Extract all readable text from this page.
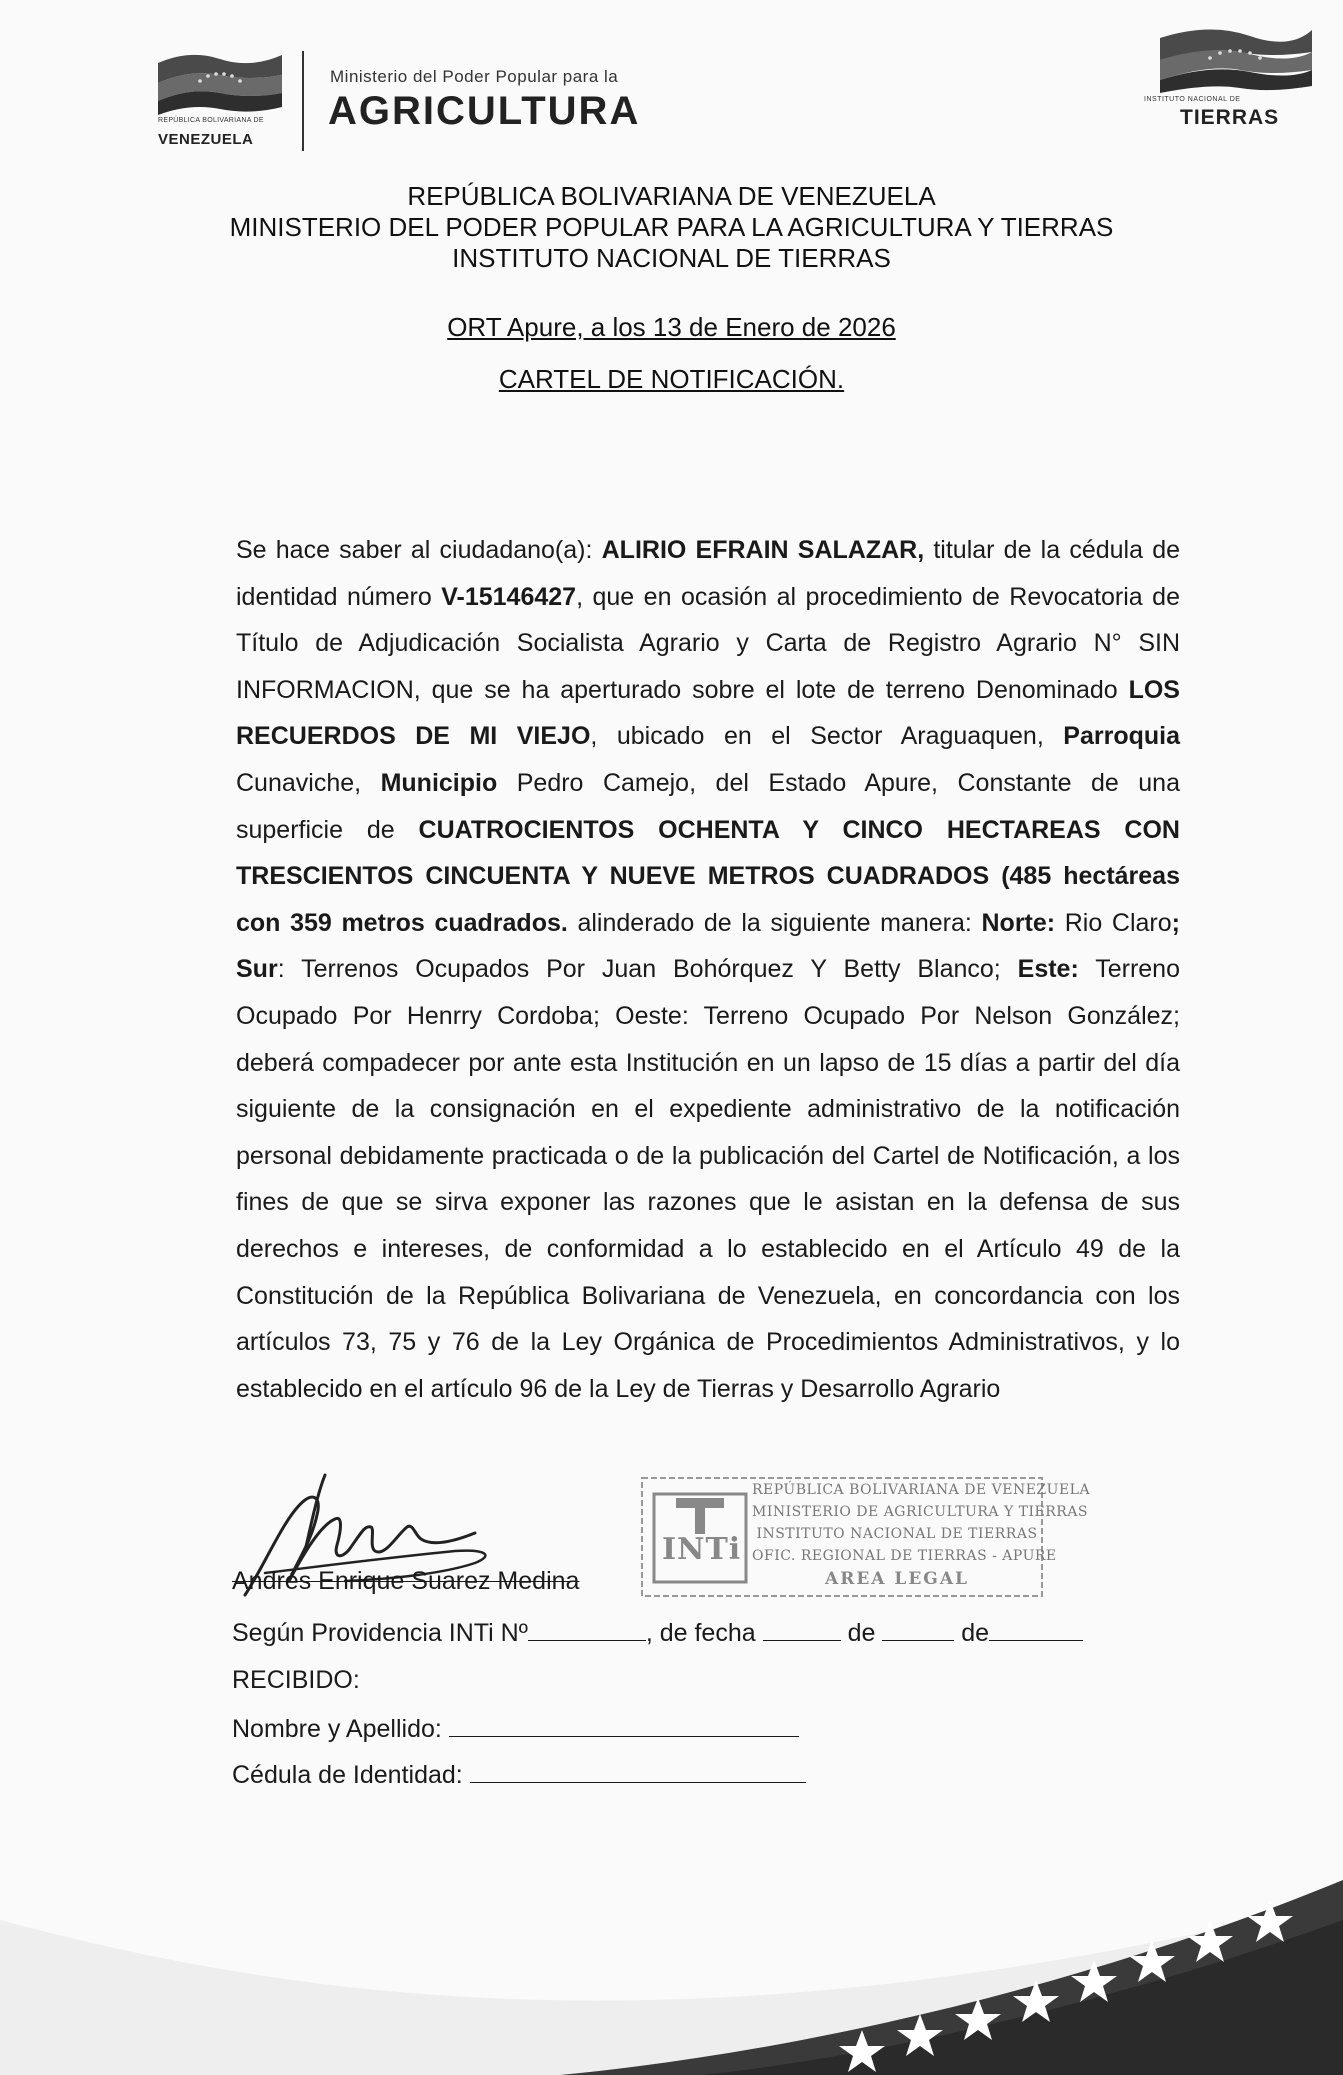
REPÚBLICA BOLIVARIANA DE
VENEZUELA
Ministerio del Poder Popular para la
AGRICULTURA	INSTITUTO NACIONAL DE
TIERRAS
REPÚBLICA BOLIVARIANA DE VENEZUELA
MINISTERIO DEL PODER POPULAR PARA LA AGRICULTURA Y TIERRAS
INSTITUTO NACIONAL DE TIERRAS
ORT Apure, a los 13 de Enero de 2026
CARTEL DE NOTIFICACIÓN.
Se hace saber al ciudadano(a): ALIRIO EFRAIN SALAZAR, titular de la cédula de identidad número V-15146427, que en ocasión al procedimiento de Revocatoria de Título de Adjudicación Socialista Agrario y Carta de Registro Agrario N° SIN INFORMACION, que se ha aperturado sobre el lote de terreno Denominado LOS RECUERDOS DE MI VIEJO, ubicado en el Sector Araguaquen, Parroquia Cunaviche, Municipio Pedro Camejo, del Estado Apure, Constante de una superficie de CUATROCIENTOS OCHENTA Y CINCO HECTAREAS CON TRESCIENTOS CINCUENTA Y NUEVE METROS CUADRADOS (485 hectáreas con 359 metros cuadrados. alinderado de la siguiente manera: Norte: Rio Claro; Sur: Terrenos Ocupados Por Juan Bohórquez Y Betty Blanco; Este: Terreno Ocupado Por Henrry Cordoba; Oeste: Terreno Ocupado Por Nelson González; deberá compadecer por ante esta Institución en un lapso de 15 días a partir del día siguiente de la consignación en el expediente administrativo de la notificación personal debidamente practicada o de la publicación del Cartel de Notificación, a los fines de que se sirva exponer las razones que le asistan en la defensa de sus derechos e intereses, de conformidad a lo establecido en el Artículo 49 de la Constitución de la República Bolivariana de Venezuela, en concordancia con los artículos 73, 75 y 76 de la Ley Orgánica de Procedimientos Administrativos, y lo establecido en el artículo 96 de la Ley de Tierras y Desarrollo Agrario
Andrés Enrique Suarez Medina
INTi
REPÚBLICA BOLIVARIANA DE VENEZUELA
MINISTERIO DE AGRICULTURA Y TIERRAS
INSTITUTO NACIONAL DE TIERRAS
OFIC. REGIONAL DE TIERRAS - APURE
AREA LEGAL
Según Providencia INTi Nº	, de fecha	de	de
RECIBIDO:
Nombre y Apellido:
Cédula de Identidad:
